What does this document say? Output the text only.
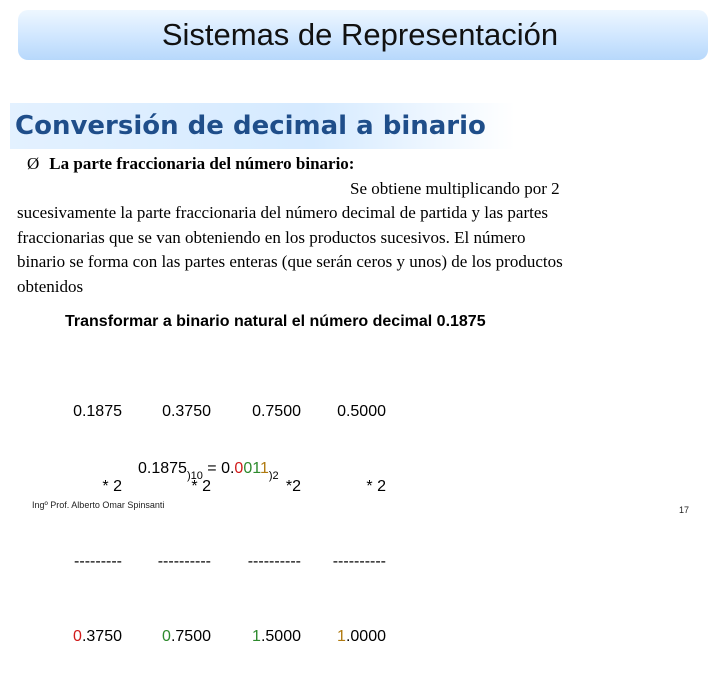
Sistemas de Representación
Conversión de decimal a binario

Ø La parte fraccionaria del número binario:

Se obtiene multiplicando por 2

sucesivamente la parte fraccionaria del número decimal de partida y las partes

fraccionarias que se van obteniendo en los productos sucesivos. El número

binario se forma con las partes enteras (que serán ceros y unos) de los productos

obtenidos

Transformar a binario natural el número decimal 0.1875

0.1875

* 2

---------

0.3750

0.3750

* 2

----------

0.7500

0.7500

*2

----------

1.5000

0.5000

* 2

----------

1.0000

$0.1875_{)10} = 0.0011_{)2}$
Ingº Prof. Alberto Omar Spinsanti	17
